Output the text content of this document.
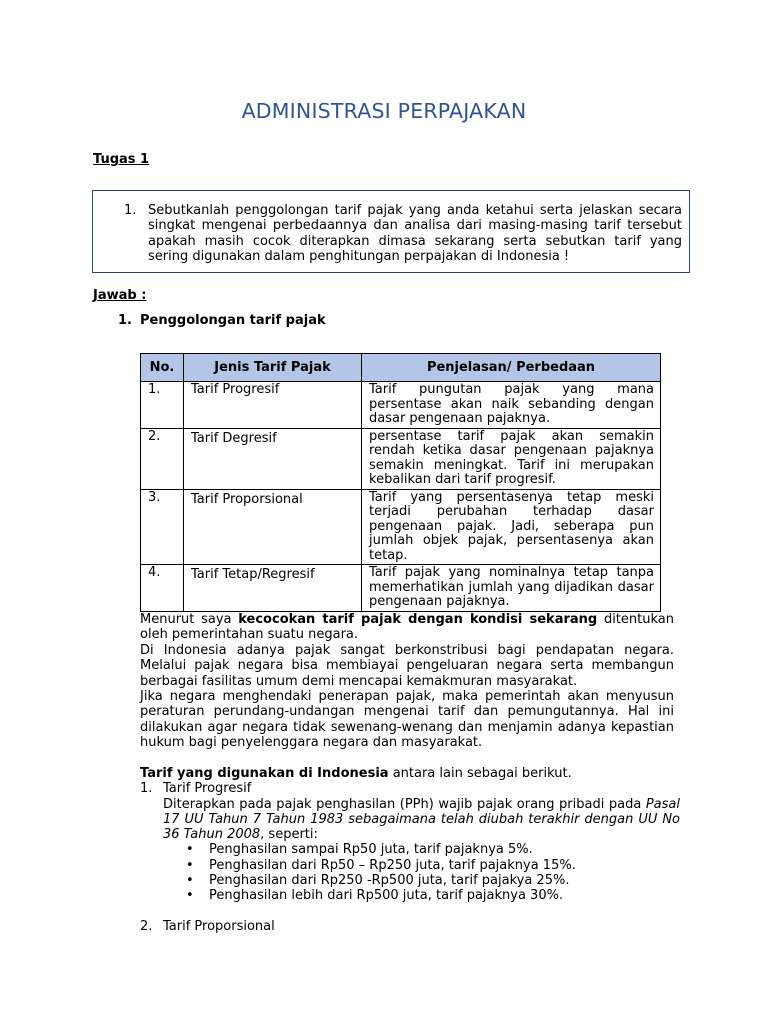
ADMINISTRASI PERPAJAKAN
Tugas 1
1. Sebutkanlah penggolongan tarif pajak yang anda ketahui serta jelaskan secara singkat mengenai perbedaannya dan analisa dari masing-masing tarif tersebut apakah masih cocok diterapkan dimasa sekarang serta sebutkan tarif yang sering digunakan dalam penghitungan perpajakan di Indonesia !
Jawab :
1. Penggolongan tarif pajak
No.	Jenis Tarif Pajak	Penjelasan/ Perbedaan
1.	Tarif Progresif	Tarif pungutan pajak yang mana persentase akan naik sebanding dengan dasar pengenaan pajaknya.
2.	Tarif Degresif	persentase tarif pajak akan semakin rendah ketika dasar pengenaan pajaknya semakin meningkat. Tarif ini merupakan kebalikan dari tarif progresif.
3.	Tarif Proporsional	Tarif yang persentasenya tetap meski terjadi perubahan terhadap dasar pengenaan pajak. Jadi, seberapa pun jumlah objek pajak, persentasenya akan tetap.
4.	Tarif Tetap/Regresif	Tarif pajak yang nominalnya tetap tanpa memerhatikan jumlah yang dijadikan dasar pengenaan pajaknya.
Menurut saya kecocokan tarif pajak dengan kondisi sekarang ditentukan oleh pemerintahan suatu negara.
Di Indonesia adanya pajak sangat berkonstribusi bagi pendapatan negara. Melalui pajak negara bisa membiayai pengeluaran negara serta membangun berbagai fasilitas umum demi mencapai kemakmuran masyarakat.
Jika negara menghendaki penerapan pajak, maka pemerintah akan menyusun peraturan perundang-undangan mengenai tarif dan pemungutannya. Hal ini dilakukan agar negara tidak sewenang-wenang dan menjamin adanya kepastian hukum bagi penyelenggara negara dan masyarakat.
Tarif yang digunakan di Indonesia antara lain sebagai berikut.
1. Tarif Progresif
Diterapkan pada pajak penghasilan (PPh) wajib pajak orang pribadi pada Pasal 17 UU Tahun 7 Tahun 1983 sebagaimana telah diubah terakhir dengan UU No 36 Tahun 2008, seperti:
• Penghasilan sampai Rp50 juta, tarif pajaknya 5%.
• Penghasilan dari Rp50 – Rp250 juta, tarif pajaknya 15%.
• Penghasilan dari Rp250 -Rp500 juta, tarif pajakya 25%.
• Penghasilan lebih dari Rp500 juta, tarif pajaknya 30%.
2. Tarif Proporsional
